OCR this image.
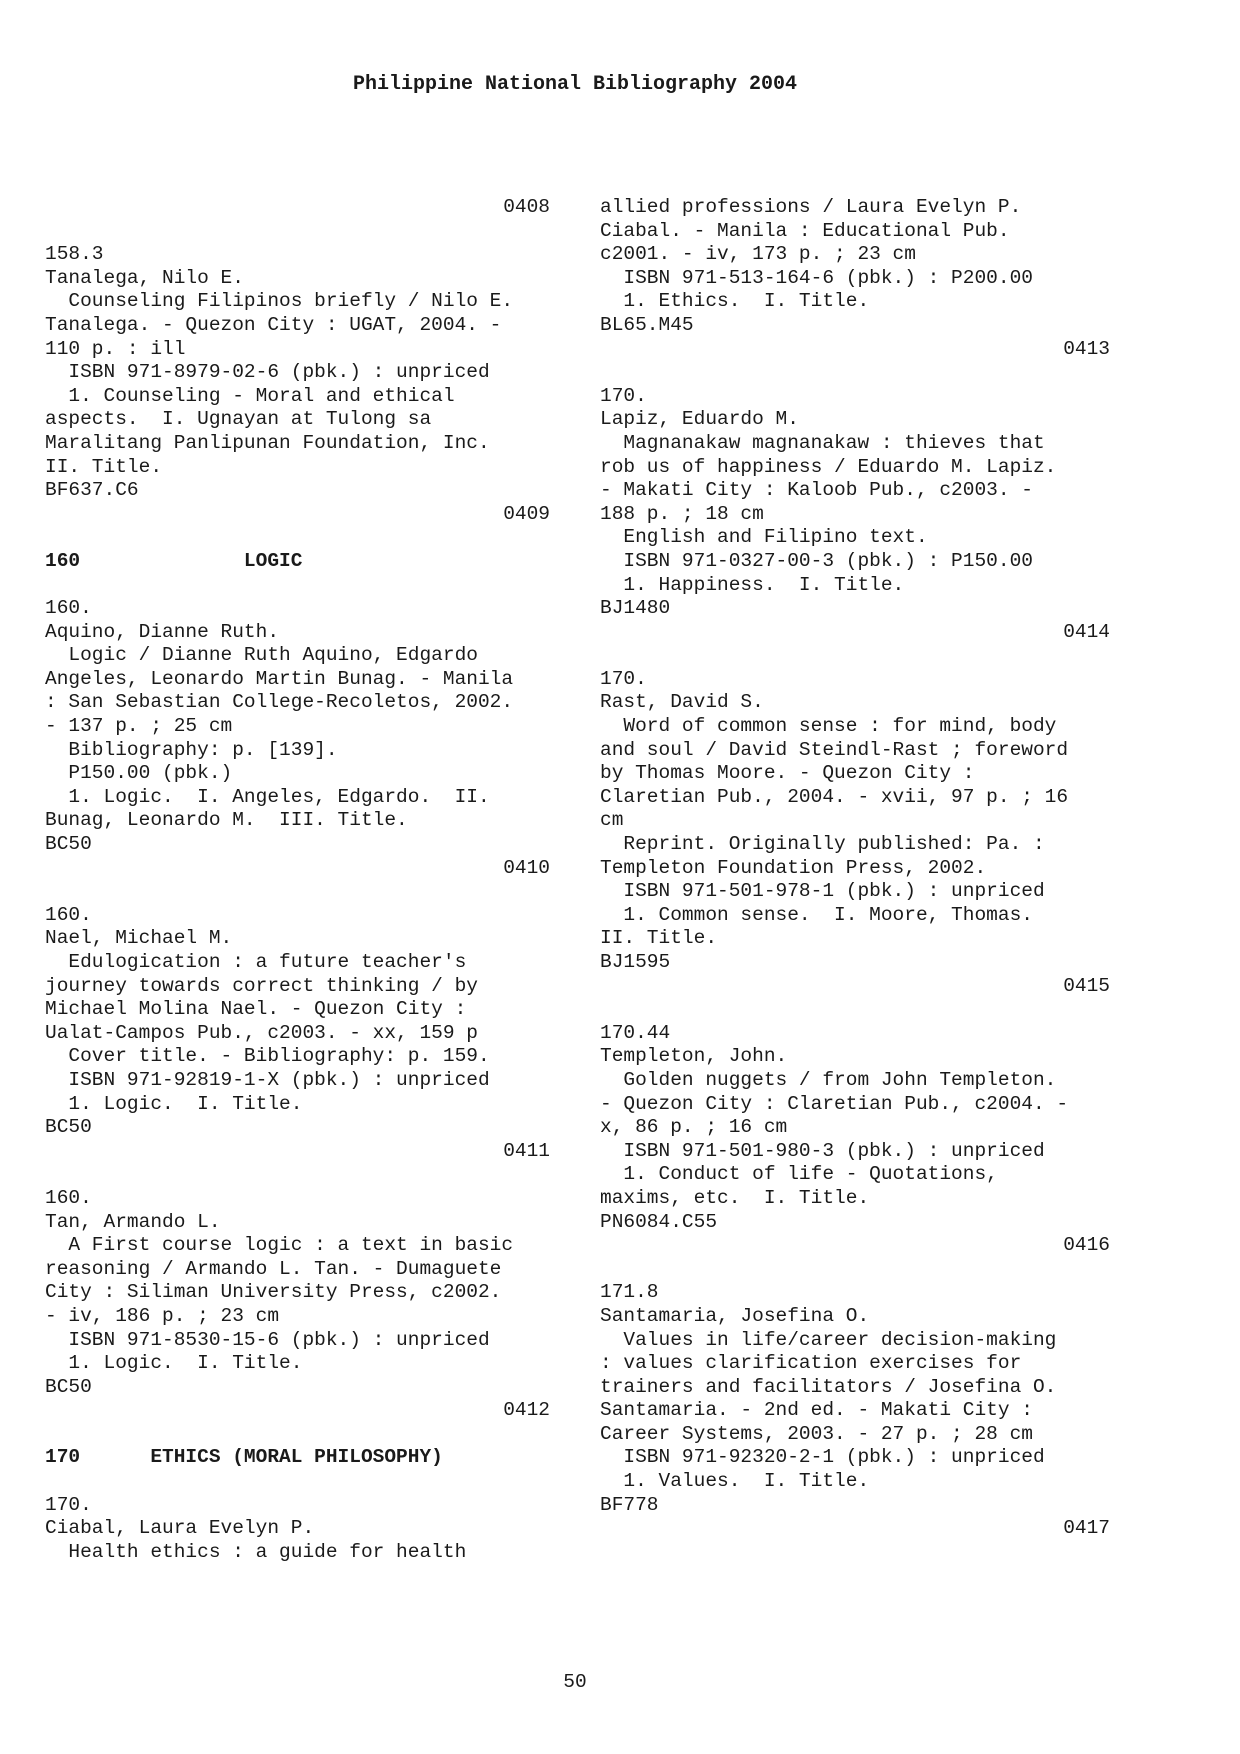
Philippine National Bibliography 2004
0408
158.3
Tanalega, Nilo E.
Counseling Filipinos briefly / Nilo E.
Tanalega. - Quezon City : UGAT, 2004. -
110 p. : ill
ISBN 971-8979-02-6 (pbk.) : unpriced
1. Counseling - Moral and ethical
aspects.  I. Ugnayan at Tulong sa
Maralitang Panlipunan Foundation, Inc.
II. Title.
BF637.C6
0409
160	LOGIC
160.
Aquino, Dianne Ruth.
Logic / Dianne Ruth Aquino, Edgardo
Angeles, Leonardo Martin Bunag. - Manila
: San Sebastian College-Recoletos, 2002.
- 137 p. ; 25 cm
Bibliography: p. [139].
P150.00 (pbk.)
1. Logic.  I. Angeles, Edgardo.  II.
Bunag, Leonardo M.  III. Title.
BC50
0410
160.
Nael, Michael M.
Edulogication : a future teacher's
journey towards correct thinking / by
Michael Molina Nael. - Quezon City :
Ualat-Campos Pub., c2003. - xx, 159 p
Cover title. - Bibliography: p. 159.
ISBN 971-92819-1-X (pbk.) : unpriced
1. Logic.  I. Title.
BC50
0411
160.
Tan, Armando L.
A First course logic : a text in basic
reasoning / Armando L. Tan. - Dumaguete
City : Siliman University Press, c2002.
- iv, 186 p. ; 23 cm
ISBN 971-8530-15-6 (pbk.) : unpriced
1. Logic.  I. Title.
BC50
0412
170	ETHICS (MORAL PHILOSOPHY)
170.
Ciabal, Laura Evelyn P.
Health ethics : a guide for health
allied professions / Laura Evelyn P.
Ciabal. - Manila : Educational Pub.
c2001. - iv, 173 p. ; 23 cm
ISBN 971-513-164-6 (pbk.) : P200.00
1. Ethics.  I. Title.
BL65.M45
0413
170.
Lapiz, Eduardo M.
Magnanakaw magnanakaw : thieves that
rob us of happiness / Eduardo M. Lapiz.
- Makati City : Kaloob Pub., c2003. -
188 p. ; 18 cm
English and Filipino text.
ISBN 971-0327-00-3 (pbk.) : P150.00
1. Happiness.  I. Title.
BJ1480
0414
170.
Rast, David S.
Word of common sense : for mind, body
and soul / David Steindl-Rast ; foreword
by Thomas Moore. - Quezon City :
Claretian Pub., 2004. - xvii, 97 p. ; 16
cm
Reprint. Originally published: Pa. :
Templeton Foundation Press, 2002.
ISBN 971-501-978-1 (pbk.) : unpriced
1. Common sense.  I. Moore, Thomas.
II. Title.
BJ1595
0415
170.44
Templeton, John.
Golden nuggets / from John Templeton.
- Quezon City : Claretian Pub., c2004. -
x, 86 p. ; 16 cm
ISBN 971-501-980-3 (pbk.) : unpriced
1. Conduct of life - Quotations,
maxims, etc.  I. Title.
PN6084.C55
0416
171.8
Santamaria, Josefina O.
Values in life/career decision-making
: values clarification exercises for
trainers and facilitators / Josefina O.
Santamaria. - 2nd ed. - Makati City :
Career Systems, 2003. - 27 p. ; 28 cm
ISBN 971-92320-2-1 (pbk.) : unpriced
1. Values.  I. Title.
BF778
0417
50
